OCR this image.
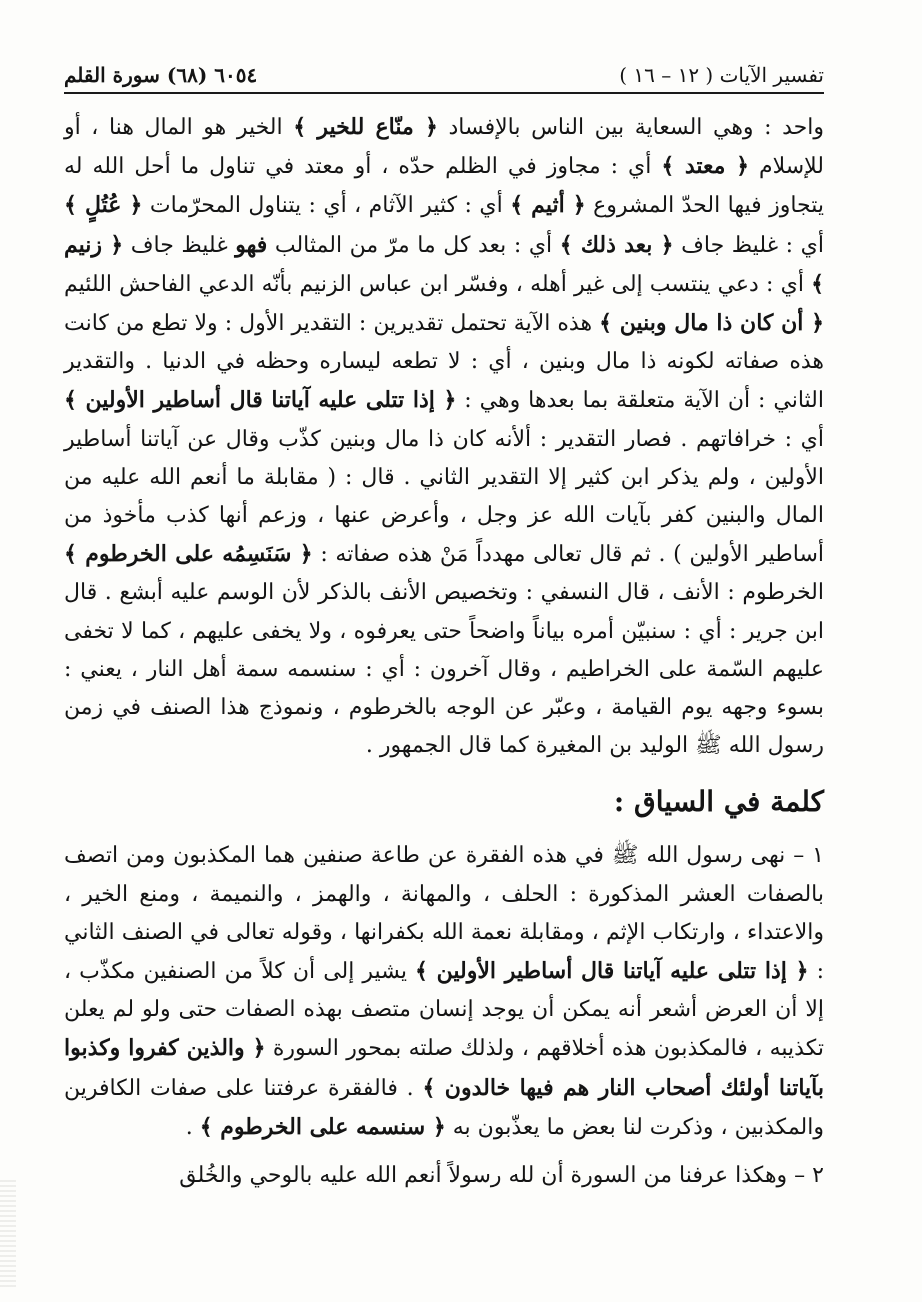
٦٠٥٤ (٦٨) سورة القلم	تفسير الآيات ( ١٢ – ١٦ )

واحد : وهي السعاية بين الناس بالإفساد ﴿ منّاع للخير ﴾ الخير هو المال هنا ، أو للإسلام ﴿ معتد ﴾ أي : مجاوز في الظلم حدّه ، أو معتد في تناول ما أحل الله له يتجاوز فيها الحدّ المشروع ﴿ أثيم ﴾ أي : كثير الآثام ، أي : يتناول المحرّمات ﴿ عُتُلٍ ﴾ أي : غليظ جاف ﴿ بعد ذلك ﴾ أي : بعد كل ما مرّ من المثالب فهو غليظ جاف ﴿ زنيم ﴾ أي : دعي ينتسب إلى غير أهله ، وفسّر ابن عباس الزنيم بأنّه الدعي الفاحش اللئيم ﴿ أن كان ذا مال وبنين ﴾ هذه الآية تحتمل تقديرين : التقدير الأول : ولا تطع من كانت هذه صفاته لكونه ذا مال وبنين ، أي : لا تطعه ليساره وحظه في الدنيا . والتقدير الثاني : أن الآية متعلقة بما بعدها وهي : ﴿ إذا تتلى عليه آياتنا قال أساطير الأولين ﴾ أي : خرافاتهم . فصار التقدير : ألأنه كان ذا مال وبنين كذّب وقال عن آياتنا أساطير الأولين ، ولم يذكر ابن كثير إلا التقدير الثاني . قال : ( مقابلة ما أنعم الله عليه من المال والبنين كفر بآيات الله عز وجل ، وأعرض عنها ، وزعم أنها كذب مأخوذ من أساطير الأولين ) . ثم قال تعالى مهدداً مَنْ هذه صفاته : ﴿ سَنَسِمُه على الخرطوم ﴾ الخرطوم : الأنف ، قال النسفي : وتخصيص الأنف بالذكر لأن الوسم عليه أبشع . قال ابن جرير : أي : سنبيّن أمره بياناً واضحاً حتى يعرفوه ، ولا يخفى عليهم ، كما لا تخفى عليهم السّمة على الخراطيم ، وقال آخرون : أي : سنسمه سمة أهل النار ، يعني : بسوء وجهه يوم القيامة ، وعبّر عن الوجه بالخرطوم ، ونموذج هذا الصنف في زمن رسول الله ﷺ الوليد بن المغيرة كما قال الجمهور .

كلمة في السياق :

١ – نهى رسول الله ﷺ في هذه الفقرة عن طاعة صنفين هما المكذبون ومن اتصف بالصفات العشر المذكورة : الحلف ، والمهانة ، والهمز ، والنميمة ، ومنع الخير ، والاعتداء ، وارتكاب الإثم ، ومقابلة نعمة الله بكفرانها ، وقوله تعالى في الصنف الثاني : ﴿ إذا تتلى عليه آياتنا قال أساطير الأولين ﴾ يشير إلى أن كلاً من الصنفين مكذّب ، إلا أن العرض أشعر أنه يمكن أن يوجد إنسان متصف بهذه الصفات حتى ولو لم يعلن تكذيبه ، فالمكذبون هذه أخلاقهم ، ولذلك صلته بمحور السورة ﴿ والذين كفروا وكذبوا بآياتنا أولئك أصحاب النار هم فيها خالدون ﴾ . فالفقرة عرفتنا على صفات الكافرين والمكذبين ، وذكرت لنا بعض ما يعذّبون به ﴿ سنسمه على الخرطوم ﴾ .

٢ – وهكذا عرفنا من السورة أن لله رسولاً أنعم الله عليه بالوحي والخُلق
